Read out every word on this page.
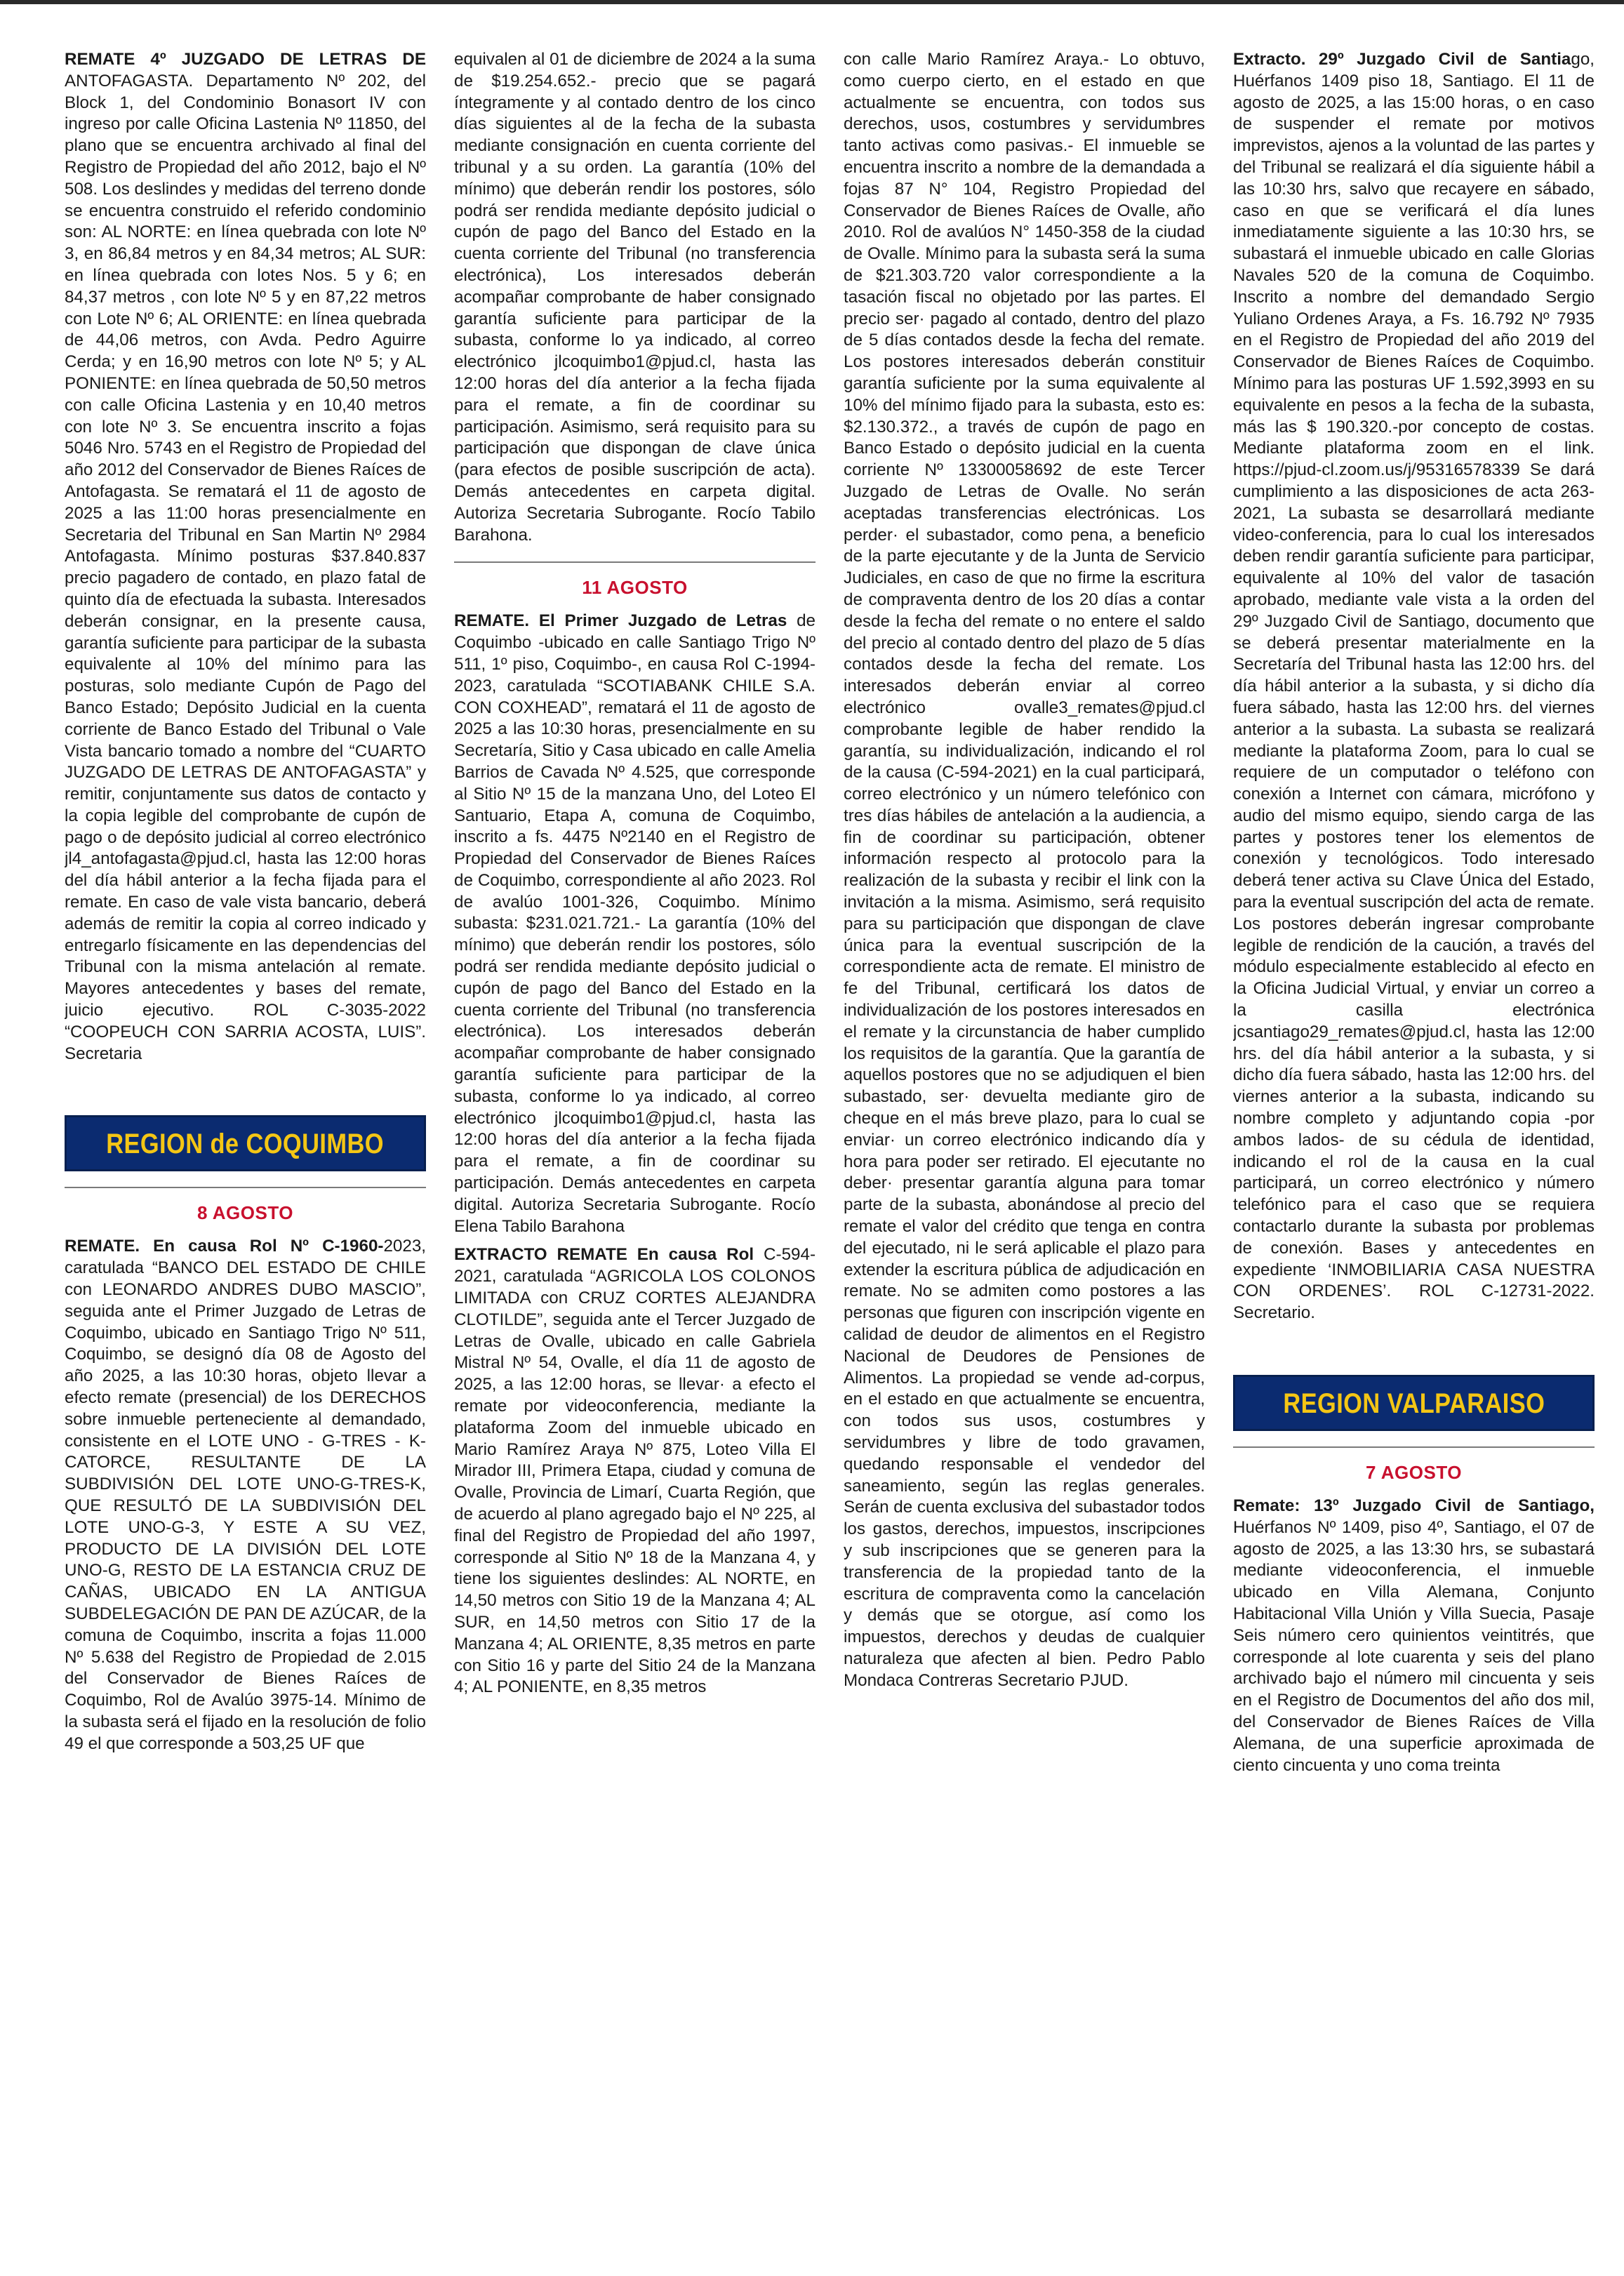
REMATE 4º JUZGADO DE LETRAS DE ANTOFAGASTA. Departamento Nº 202, del Block 1, del Condominio Bonasort IV con ingreso por calle Oficina Lastenia Nº 11850, del plano que se encuentra archivado al final del Registro de Propiedad del año 2012, bajo el Nº 508. Los deslindes y medidas del terreno donde se encuentra construido el referido condominio son: AL NORTE: en línea quebrada con lote Nº 3, en 86,84 metros y en 84,34 metros; AL SUR: en línea quebrada con lotes Nos. 5 y 6; en 84,37 metros , con lote Nº 5 y en 87,22 metros con Lote Nº 6; AL ORIENTE: en línea quebrada de 44,06 metros, con Avda. Pedro Aguirre Cerda; y en 16,90 metros con lote Nº 5; y AL PONIENTE: en línea quebrada de 50,50 metros con calle Oficina Lastenia y en 10,40 metros con lote Nº 3. Se encuentra inscrito a fojas 5046 Nro. 5743 en el Registro de Propiedad del año 2012 del Conservador de Bienes Raíces de Antofagasta. Se rematará el 11 de agosto de 2025 a las 11:00 horas presencialmente en Secretaria del Tribunal en San Martin Nº 2984 Antofagasta. Mínimo posturas $37.840.837 precio pagadero de contado, en plazo fatal de quinto día de efectuada la subasta. Interesados deberán consignar, en la presente causa, garantía suficiente para participar de la subasta equivalente al 10% del mínimo para las posturas, solo mediante Cupón de Pago del Banco Estado; Depósito Judicial en la cuenta corriente de Banco Estado del Tribunal o Vale Vista bancario tomado a nombre del “CUARTO JUZGADO DE LETRAS DE ANTOFAGASTA” y remitir, conjuntamente sus datos de contacto y la copia legible del comprobante de cupón de pago o de depósito judicial al correo electrónico jl4_antofagasta@pjud.cl, hasta las 12:00 horas del día hábil anterior a la fecha fijada para el remate. En caso de vale vista bancario, deberá además de remitir la copia al correo indicado y entregarlo físicamente en las dependencias del Tribunal con la misma antelación al remate. Mayores antecedentes y bases del remate, juicio ejecutivo. ROL C-3035-2022 “COOPEUCH CON SARRIA ACOSTA, LUIS”. Secretaria

REGION de COQUIMBO
8 AGOSTO

REMATE. En causa Rol Nº C-1960-2023, caratulada “BANCO DEL ESTADO DE CHILE con LEONARDO ANDRES DUBO MASCIO”, seguida ante el Primer Juzgado de Letras de Coquimbo, ubicado en Santiago Trigo Nº 511, Coquimbo, se designó día 08 de Agosto del año 2025, a las 10:30 horas, objeto llevar a efecto remate (presencial) de los DERECHOS sobre inmueble perteneciente al demandado, consistente en el LOTE UNO - G-TRES - K- CATORCE, RESULTANTE DE LA SUBDIVISIÓN DEL LOTE UNO-G-TRES-K, QUE RESULTÓ DE LA SUBDIVISIÓN DEL LOTE UNO-G-3, Y ESTE A SU VEZ, PRODUCTO DE LA DIVISIÓN DEL LOTE UNO-G, RESTO DE LA ESTANCIA CRUZ DE CAÑAS, UBICADO EN LA ANTIGUA SUBDELEGACIÓN DE PAN DE AZÚCAR, de la comuna de Coquimbo, inscrita a fojas 11.000 Nº 5.638 del Registro de Propiedad de 2.015 del Conservador de Bienes Raíces de Coquimbo, Rol de Avalúo 3975-14. Mínimo de la subasta será el fijado en la resolución de folio 49 el que corresponde a 503,25 UF que

equivalen al 01 de diciembre de 2024 a la suma de $19.254.652.- precio que se pagará íntegramente y al contado dentro de los cinco días siguientes al de la fecha de la subasta mediante consignación en cuenta corriente del tribunal y a su orden. La garantía (10% del mínimo) que deberán rendir los postores, sólo podrá ser rendida mediante depósito judicial o cupón de pago del Banco del Estado en la cuenta corriente del Tribunal (no transferencia electrónica), Los interesados deberán acompañar comprobante de haber consignado garantía suficiente para participar de la subasta, conforme lo ya indicado, al correo electrónico jlcoquimbo1@pjud.cl, hasta las 12:00 horas del día anterior a la fecha fijada para el remate, a fin de coordinar su participación. Asimismo, será requisito para su participación que dispongan de clave única (para efectos de posible suscripción de acta). Demás antecedentes en carpeta digital. Autoriza Secretaria Subrogante. Rocío Tabilo Barahona.

11 AGOSTO

REMATE. El Primer Juzgado de Letras de Coquimbo -ubicado en calle Santiago Trigo Nº 511, 1º piso, Coquimbo-, en causa Rol C-1994-2023, caratulada “SCOTIABANK CHILE S.A. CON COXHEAD”, rematará el 11 de agosto de 2025 a las 10:30 horas, presencialmente en su Secretaría, Sitio y Casa ubicado en calle Amelia Barrios de Cavada Nº 4.525, que corresponde al Sitio Nº 15 de la manzana Uno, del Loteo El Santuario, Etapa A, comuna de Coquimbo, inscrito a fs. 4475 Nº2140 en el Registro de Propiedad del Conservador de Bienes Raíces de Coquimbo, correspondiente al año 2023. Rol de avalúo 1001-326, Coquimbo. Mínimo subasta: $231.021.721.- La garantía (10% del mínimo) que deberán rendir los postores, sólo podrá ser rendida mediante depósito judicial o cupón de pago del Banco del Estado en la cuenta corriente del Tribunal (no transferencia electrónica). Los interesados deberán acompañar comprobante de haber consignado garantía suficiente para participar de la subasta, conforme lo ya indicado, al correo electrónico jlcoquimbo1@pjud.cl, hasta las 12:00 horas del día anterior a la fecha fijada para el remate, a fin de coordinar su participación. Demás antecedentes en carpeta digital. Autoriza Secretaria Subrogante. Rocío Elena Tabilo Barahona

EXTRACTO REMATE En causa Rol C-594-2021, caratulada “AGRICOLA LOS COLONOS LIMITADA con CRUZ CORTES ALEJANDRA CLOTILDE”, seguida ante el Tercer Juzgado de Letras de Ovalle, ubicado en calle Gabriela Mistral Nº 54, Ovalle, el día 11 de agosto de 2025, a las 12:00 horas, se llevar· a efecto el remate por videoconferencia, mediante la plataforma Zoom del inmueble ubicado en Mario Ramírez Araya Nº 875, Loteo Villa El Mirador III, Primera Etapa, ciudad y comuna de Ovalle, Provincia de Limarí, Cuarta Región, que de acuerdo al plano agregado bajo el Nº 225, al final del Registro de Propiedad del año 1997, corresponde al Sitio Nº 18 de la Manzana 4, y tiene los siguientes deslindes: AL NORTE, en 14,50 metros con Sitio 19 de la Manzana 4; AL SUR, en 14,50 metros con Sitio 17 de la Manzana 4; AL ORIENTE, 8,35 metros en parte con Sitio 16 y parte del Sitio 24 de la Manzana 4; AL PONIENTE, en 8,35 metros

con calle Mario Ramírez Araya.- Lo obtuvo, como cuerpo cierto, en el estado en que actualmente se encuentra, con todos sus derechos, usos, costumbres y servidumbres tanto activas como pasivas.- El inmueble se encuentra inscrito a nombre de la demandada a fojas 87 N° 104, Registro Propiedad del Conservador de Bienes Raíces de Ovalle, año 2010. Rol de avalúos N° 1450-358 de la ciudad de Ovalle. Mínimo para la subasta será la suma de $21.303.720 valor correspondiente a la tasación fiscal no objetado por las partes. El precio ser· pagado al contado, dentro del plazo de 5 días contados desde la fecha del remate. Los postores interesados deberán constituir garantía suficiente por la suma equivalente al 10% del mínimo fijado para la subasta, esto es: $2.130.372., a través de cupón de pago en Banco Estado o depósito judicial en la cuenta corriente Nº 13300058692 de este Tercer Juzgado de Letras de Ovalle. No serán aceptadas transferencias electrónicas. Los perder· el subastador, como pena, a beneficio de la parte ejecutante y de la Junta de Servicio Judiciales, en caso de que no firme la escritura de compraventa dentro de los 20 días a contar desde la fecha del remate o no entere el saldo del precio al contado dentro del plazo de 5 días contados desde la fecha del remate. Los interesados deberán enviar al correo electrónico ovalle3_remates@pjud.cl comprobante legible de haber rendido la garantía, su individualización, indicando el rol de la causa (C-594-2021) en la cual participará, correo electrónico y un número telefónico con tres días hábiles de antelación a la audiencia, a fin de coordinar su participación, obtener información respecto al protocolo para la realización de la subasta y recibir el link con la invitación a la misma. Asimismo, será requisito para su participación que dispongan de clave única para la eventual suscripción de la correspondiente acta de remate. El ministro de fe del Tribunal, certificará los datos de individualización de los postores interesados en el remate y la circunstancia de haber cumplido los requisitos de la garantía. Que la garantía de aquellos postores que no se adjudiquen el bien subastado, ser· devuelta mediante giro de cheque en el más breve plazo, para lo cual se enviar· un correo electrónico indicando día y hora para poder ser retirado. El ejecutante no deber· presentar garantía alguna para tomar parte de la subasta, abonándose al precio del remate el valor del crédito que tenga en contra del ejecutado, ni le será aplicable el plazo para extender la escritura pública de adjudicación en remate. No se admiten como postores a las personas que figuren con inscripción vigente en calidad de deudor de alimentos en el Registro Nacional de Deudores de Pensiones de Alimentos. La propiedad se vende ad-corpus, en el estado en que actualmente se encuentra, con todos sus usos, costumbres y servidumbres y libre de todo gravamen, quedando responsable el vendedor del saneamiento, según las reglas generales. Serán de cuenta exclusiva del subastador todos los gastos, derechos, impuestos, inscripciones y sub inscripciones que se generen para la transferencia de la propiedad tanto de la escritura de compraventa como la cancelación y demás que se otorgue, así como los impuestos, derechos y deudas de cualquier naturaleza que afecten al bien. Pedro Pablo Mondaca Contreras Secretario PJUD.

Extracto. 29º Juzgado Civil de Santiago, Huérfanos 1409 piso 18, Santiago. El 11 de agosto de 2025, a las 15:00 horas, o en caso de suspender el remate por motivos imprevistos, ajenos a la voluntad de las partes y del Tribunal se realizará el día siguiente hábil a las 10:30 hrs, salvo que recayere en sábado, caso en que se verificará el día lunes inmediatamente siguiente a las 10:30 hrs, se subastará el inmueble ubicado en calle Glorias Navales 520 de la comuna de Coquimbo. Inscrito a nombre del demandado Sergio Yuliano Ordenes Araya, a Fs. 16.792 Nº 7935 en el Registro de Propiedad del año 2019 del Conservador de Bienes Raíces de Coquimbo. Mínimo para las posturas UF 1.592,3993 en su equivalente en pesos a la fecha de la subasta, más las $ 190.320.-por concepto de costas. Mediante plataforma zoom en el link. https://pjud-cl.zoom.us/j/95316578339 Se dará cumplimiento a las disposiciones de acta 263-2021, La subasta se desarrollará mediante video-conferencia, para lo cual los interesados deben rendir garantía suficiente para participar, equivalente al 10% del valor de tasación aprobado, mediante vale vista a la orden del 29º Juzgado Civil de Santiago, documento que se deberá presentar materialmente en la Secretaría del Tribunal hasta las 12:00 hrs. del día hábil anterior a la subasta, y si dicho día fuera sábado, hasta las 12:00 hrs. del viernes anterior a la subasta. La subasta se realizará mediante la plataforma Zoom, para lo cual se requiere de un computador o teléfono con conexión a Internet con cámara, micrófono y audio del mismo equipo, siendo carga de las partes y postores tener los elementos de conexión y tecnológicos. Todo interesado deberá tener activa su Clave Única del Estado, para la eventual suscripción del acta de remate. Los postores deberán ingresar comprobante legible de rendición de la caución, a través del módulo especialmente establecido al efecto en la Oficina Judicial Virtual, y enviar un correo a la casilla electrónica jcsantiago29_remates@pjud.cl, hasta las 12:00 hrs. del día hábil anterior a la subasta, y si dicho día fuera sábado, hasta las 12:00 hrs. del viernes anterior a la subasta, indicando su nombre completo y adjuntando copia -por ambos lados- de su cédula de identidad, indicando el rol de la causa en la cual participará, un correo electrónico y número telefónico para el caso que se requiera contactarlo durante la subasta por problemas de conexión. Bases y antecedentes en expediente ‘INMOBILIARIA CASA NUESTRA CON ORDENES’. ROL C-12731-2022. Secretario.

REGION VALPARAISO
7 AGOSTO

Remate: 13º Juzgado Civil de Santiago, Huérfanos Nº 1409, piso 4º, Santiago, el 07 de agosto de 2025, a las 13:30 hrs, se subastará mediante videoconferencia, el inmueble ubicado en Villa Alemana, Conjunto Habitacional Villa Unión y Villa Suecia, Pasaje Seis número cero quinientos veintitrés, que corresponde al lote cuarenta y seis del plano archivado bajo el número mil cincuenta y seis en el Registro de Documentos del año dos mil, del Conservador de Bienes Raíces de Villa Alemana, de una superficie aproximada de ciento cincuenta y uno coma treinta
